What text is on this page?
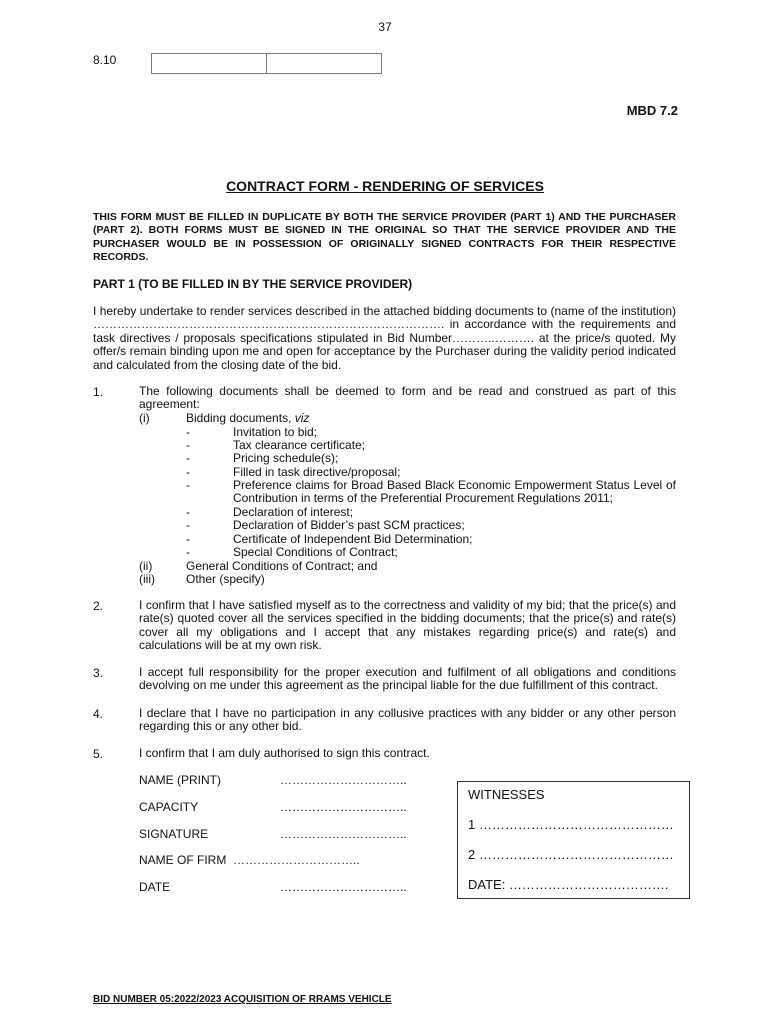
37
8.10
MBD 7.2
CONTRACT FORM - RENDERING OF SERVICES
THIS FORM MUST BE FILLED IN DUPLICATE BY BOTH THE SERVICE PROVIDER (PART 1) AND THE PURCHASER (PART 2). BOTH FORMS MUST BE SIGNED IN THE ORIGINAL SO THAT THE SERVICE PROVIDER AND THE PURCHASER WOULD BE IN POSSESSION OF ORIGINALLY SIGNED CONTRACTS FOR THEIR RESPECTIVE RECORDS.
PART 1 (TO BE FILLED IN BY THE SERVICE PROVIDER)
I hereby undertake to render services described in the attached bidding documents to (name of the institution) ……………………………………………………………………………. in accordance with the requirements and task directives / proposals specifications stipulated in Bid Number………..………. at the price/s quoted. My offer/s remain binding upon me and open for acceptance by the Purchaser during the validity period indicated and calculated from the closing date of the bid.
1.	The following documents shall be deemed to form and be read and construed as part of this agreement:
(i)	Bidding documents, viz
-	Invitation to bid;
-	Tax clearance certificate;
-	Pricing schedule(s);
-	Filled in task directive/proposal;
-	Preference claims for Broad Based Black Economic Empowerment Status Level of Contribution in terms of the Preferential Procurement Regulations 2011;
-	Declaration of interest;
-	Declaration of Bidder’s past SCM practices;
-	Certificate of Independent Bid Determination;
-	Special Conditions of Contract;
(ii)	General Conditions of Contract; and
(iii)	Other (specify)
2.	I confirm that I have satisfied myself as to the correctness and validity of my bid; that the price(s) and rate(s) quoted cover all the services specified in the bidding documents; that the price(s) and rate(s) cover all my obligations and I accept that any mistakes regarding price(s) and rate(s) and calculations will be at my own risk.
3.	I accept full responsibility for the proper execution and fulfilment of all obligations and conditions devolving on me under this agreement as the principal liable for the due fulfillment of this contract.
4.	I declare that I have no participation in any collusive practices with any bidder or any other person regarding this or any other bid.
5.	I confirm that I am duly authorised to sign this contract.
NAME (PRINT)	…………………………..
CAPACITY	…………………………..
SIGNATURE	…………………………..
NAME OF FIRM …………………………..
DATE	…………………………..
WITNESSES
1 ………………………………………
2 ………………………………………
DATE: ……………………………….
BID NUMBER 05:2022/2023 ACQUISITION OF RRAMS VEHICLE
